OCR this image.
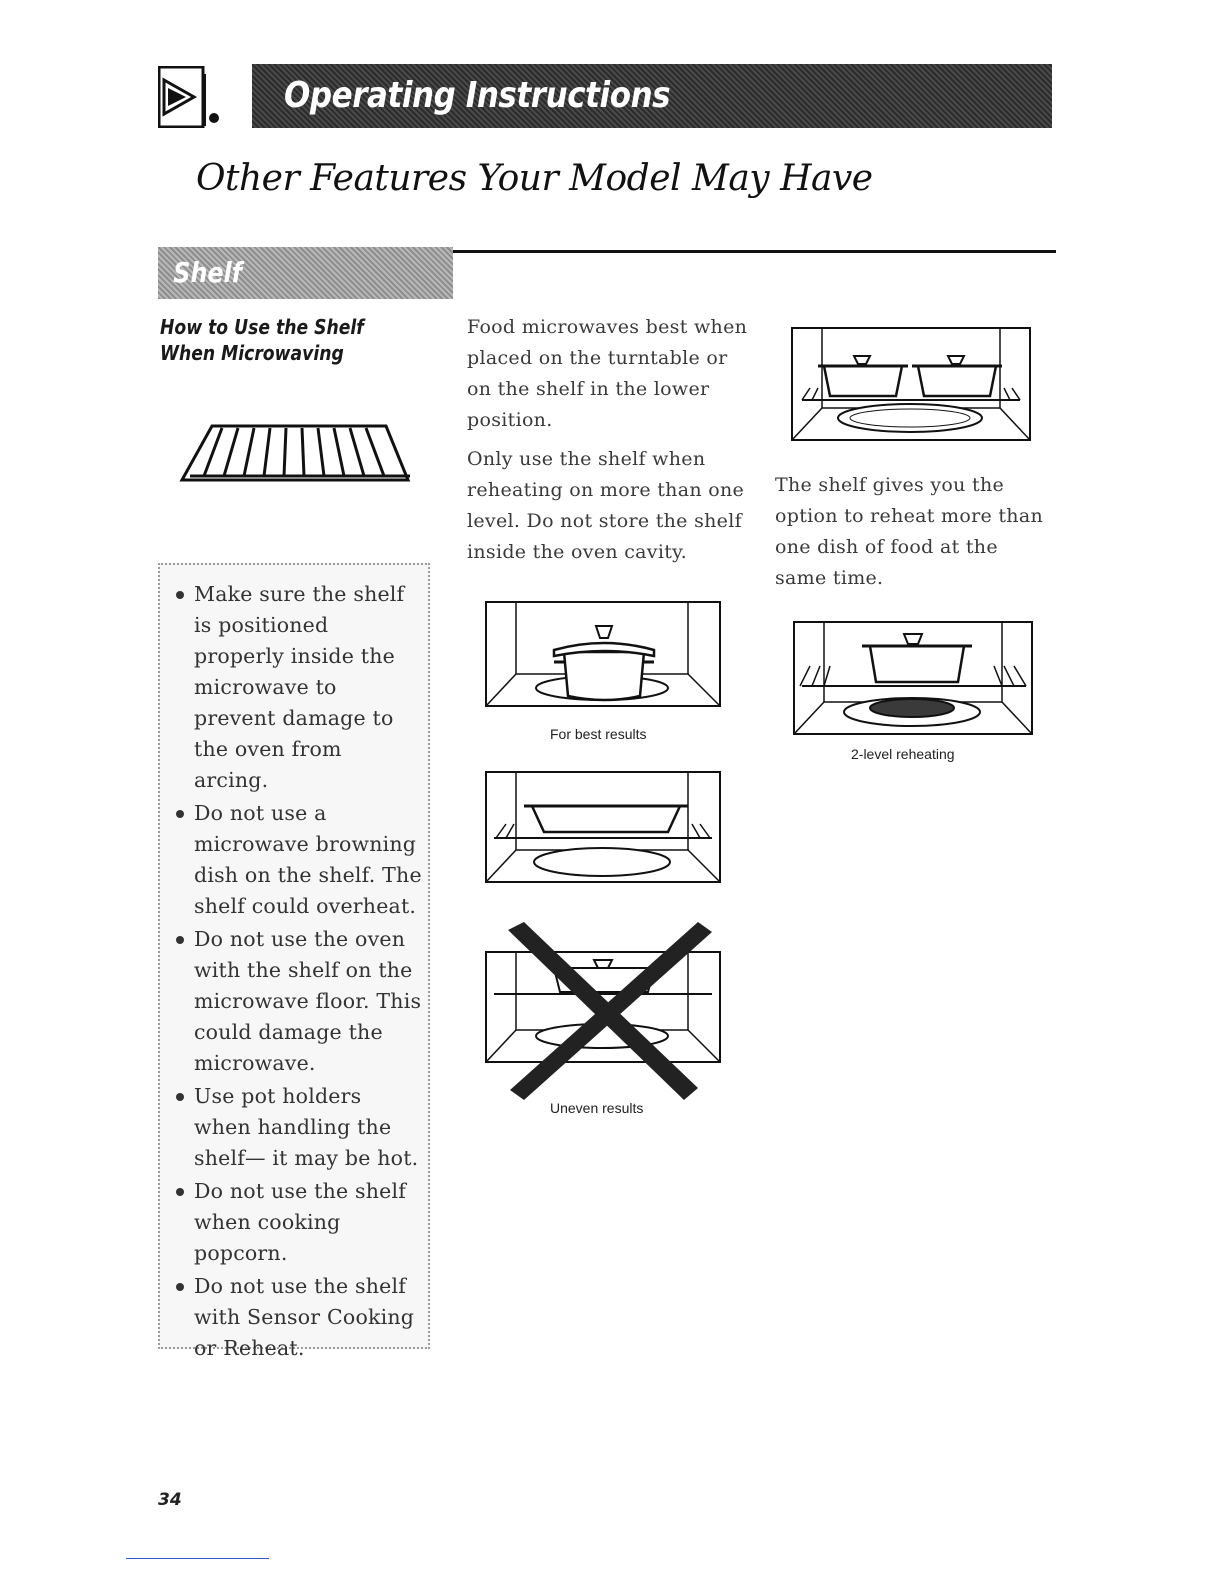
Operating Instructions
Other Features Your Model May Have
Shelf
How to Use the Shelf
When Microwaving
Make sure the shelf is positioned properly inside the microwave to prevent damage to the oven from arcing.
Do not use a microwave browning dish on the shelf. The shelf could overheat.
Do not use the oven with the shelf on the microwave floor. This could damage the microwave.
Use pot holders when handling the shelf— it may be hot.
Do not use the shelf when cooking popcorn.
Do not use the shelf with Sensor Cooking or Reheat.
Food microwaves best when placed on the turntable or on the shelf in the lower position.
Only use the shelf when reheating on more than one level. Do not store the shelf inside the oven cavity.
The shelf gives you the option to reheat more than one dish of food at the same time.
For best results
Uneven results
2-level reheating
34
